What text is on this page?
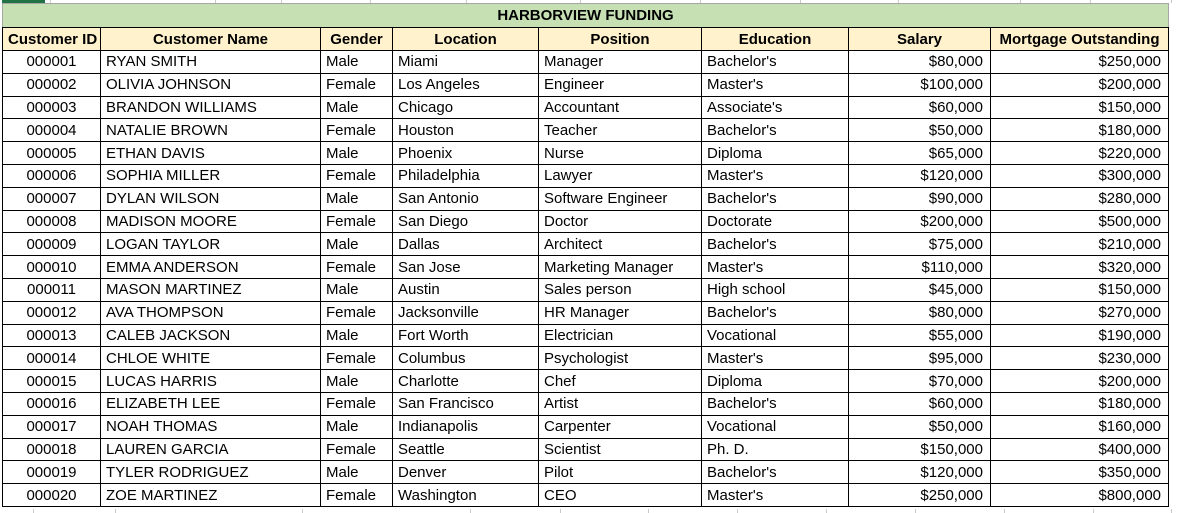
HARBORVIEW FUNDING							
Customer ID	Customer Name	Gender	Location	Position	Education	Salary	Mortgage Outstanding
000001	RYAN SMITH	Male	Miami	Manager	Bachelor's	$80,000	$250,000
000002	OLIVIA JOHNSON	Female	Los Angeles	Engineer	Master's	$100,000	$200,000
000003	BRANDON WILLIAMS	Male	Chicago	Accountant	Associate's	$60,000	$150,000
000004	NATALIE BROWN	Female	Houston	Teacher	Bachelor's	$50,000	$180,000
000005	ETHAN DAVIS	Male	Phoenix	Nurse	Diploma	$65,000	$220,000
000006	SOPHIA MILLER	Female	Philadelphia	Lawyer	Master's	$120,000	$300,000
000007	DYLAN WILSON	Male	San Antonio	Software Engineer	Bachelor's	$90,000	$280,000
000008	MADISON MOORE	Female	San Diego	Doctor	Doctorate	$200,000	$500,000
000009	LOGAN TAYLOR	Male	Dallas	Architect	Bachelor's	$75,000	$210,000
000010	EMMA ANDERSON	Female	San Jose	Marketing Manager	Master's	$110,000	$320,000
000011	MASON MARTINEZ	Male	Austin	Sales person	High school	$45,000	$150,000
000012	AVA THOMPSON	Female	Jacksonville	HR Manager	Bachelor's	$80,000	$270,000
000013	CALEB JACKSON	Male	Fort Worth	Electrician	Vocational	$55,000	$190,000
000014	CHLOE WHITE	Female	Columbus	Psychologist	Master's	$95,000	$230,000
000015	LUCAS HARRIS	Male	Charlotte	Chef	Diploma	$70,000	$200,000
000016	ELIZABETH LEE	Female	San Francisco	Artist	Bachelor's	$60,000	$180,000
000017	NOAH THOMAS	Male	Indianapolis	Carpenter	Vocational	$50,000	$160,000
000018	LAUREN GARCIA	Female	Seattle	Scientist	Ph. D.	$150,000	$400,000
000019	TYLER RODRIGUEZ	Male	Denver	Pilot	Bachelor's	$120,000	$350,000
000020	ZOE MARTINEZ	Female	Washington	CEO	Master's	$250,000	$800,000
